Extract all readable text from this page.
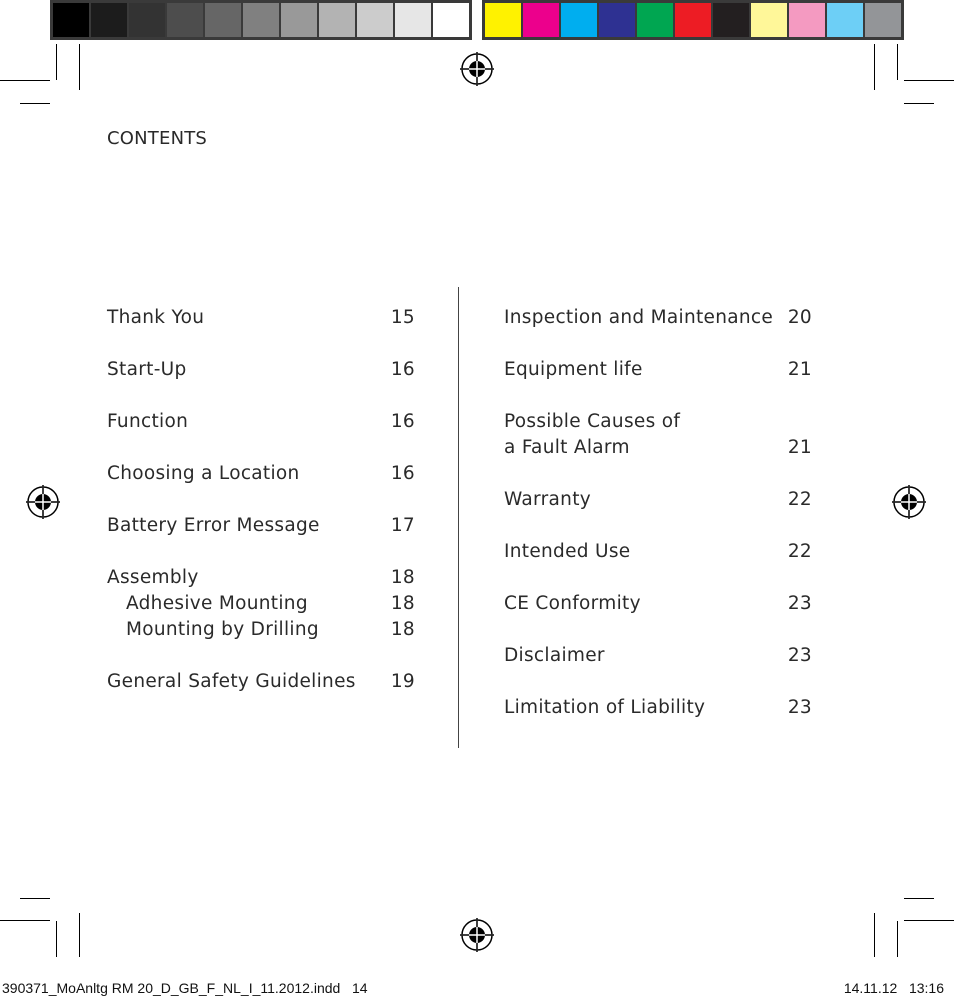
CONTENTS
Thank You	15
Start-Up	16
Function	16
Choosing a Location	16
Battery Error Message	17
Assembly	18
Adhesive Mounting	18
Mounting by Drilling	18
General Safety Guidelines	19
Inspection and Maintenance 20
Equipment life	21
Possible Causes of
a Fault Alarm	21
Warranty	22
Intended Use	22
CE Conformity	23
Disclaimer	23
Limitation of Liability	23
390371_MoAnltg RM 20_D_GB_F_NL_I_11.2012.indd   14	14.11.12   13:16
